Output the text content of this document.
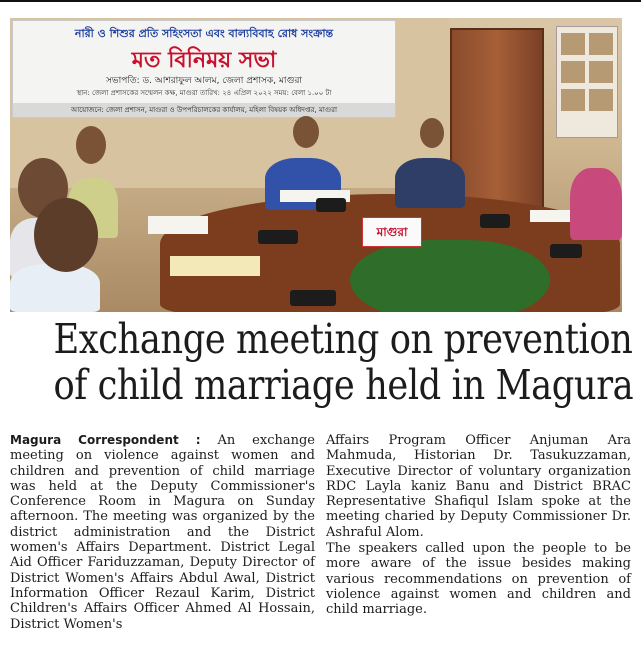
নারী ও শিশুর প্রতি সহিংসতা এবং বাল্যবিবাহ রোধ সংক্রান্ত
মত বিনিময় সভা
সভাপতি: ড. আশরাফুল আলম, জেলা প্রশাসক, মাগুরা
স্থান: জেলা প্রশাসকের সম্মেলন কক্ষ, মাগুরা তারিখ: ২৪ এপ্রিল ২০২২ সময়: বেলা ১.০০ টা
আয়োজনে: জেলা প্রশাসন, মাগুরা ও উপপরিচালকের কার্যালয়, মহিলা বিষয়ক অধিদপ্তর, মাগুরা
মাগুরা
Exchange meeting on prevention
of child marriage held in Magura

Magura Correspondent : An exchange meeting on violence against women and children and prevention of child marriage was held at the Deputy Commissioner's Conference Room in Magura on Sunday afternoon. The meeting was organized by the district administration and the District women's Affairs Department. District Legal Aid Officer Fariduzzaman, Deputy Director of District Women's Affairs Abdul Awal, District Information Officer Rezaul Karim, District Children's Affairs Officer Ahmed Al Hossain, District Women's

Affairs Program Officer Anjuman Ara Mahmuda, Historian Dr. Tasukuzzaman, Executive Director of voluntary organization RDC Layla kaniz Banu and District BRAC Representative Shafiqul Islam spoke at the meeting charied by Deputy Commissioner Dr. Ashraful Alom.

The speakers called upon the people to be more aware of the issue besides making various recommendations on prevention of violence against women and children and child marriage.
